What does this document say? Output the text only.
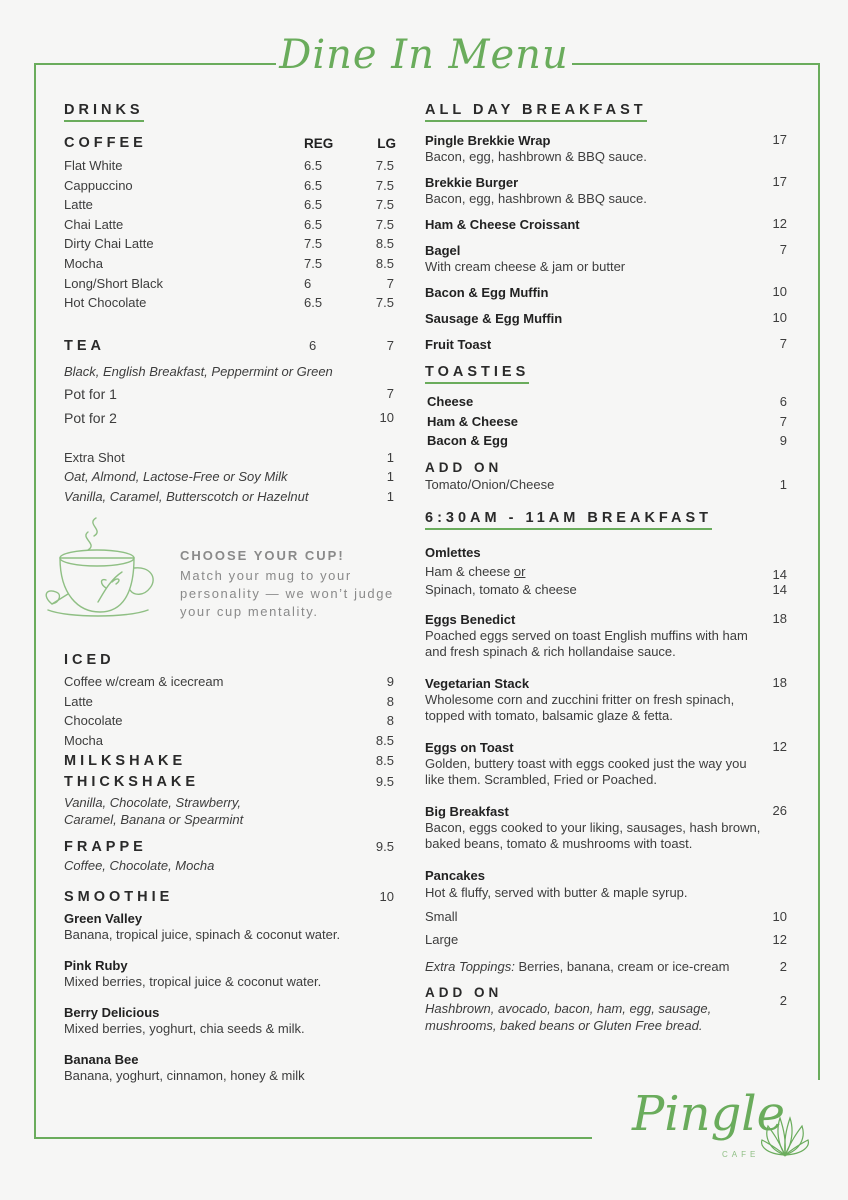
Dine In Menu
DRINKS
COFFEE	REG	LG
Flat White	6.5	7.5
Cappuccino	6.5	7.5
Latte	6.5	7.5
Chai Latte	6.5	7.5
Dirty Chai Latte	7.5	8.5
Mocha	7.5	8.5
Long/Short Black	6	7
Hot Chocolate	6.5	7.5
TEA	6	7
Black, English Breakfast, Peppermint or Green
Pot for 1	7
Pot for 2	10
Extra Shot	1
Oat, Almond, Lactose-Free or Soy Milk	1
Vanilla, Caramel, Butterscotch or Hazelnut	1
CHOOSE YOUR CUP!
Match your mug to your personality — we won’t judge your cup mentality.
ICED
Coffee w/cream & icecream	9
Latte	8
Chocolate	8
Mocha	8.5
MILKSHAKE	8.5
THICKSHAKE	9.5
Vanilla, Chocolate, Strawberry, Caramel, Banana or Spearmint
FRAPPE	9.5
Coffee, Chocolate, Mocha
SMOOTHIE	10
Green Valley
Banana, tropical juice, spinach & coconut water.
Pink Ruby
Mixed berries, tropical juice & coconut water.
Berry Delicious
Mixed berries, yoghurt, chia seeds & milk.
Banana Bee
Banana, yoghurt, cinnamon, honey & milk
ALL DAY BREAKFAST
Pingle Brekkie Wrap
Bacon, egg, hashbrown & BBQ sauce.
17
Brekkie Burger
Bacon, egg, hashbrown & BBQ sauce.
17
Ham & Cheese Croissant	12
Bagel
With cream cheese & jam or butter
7
Bacon & Egg Muffin	10
Sausage & Egg Muffin	10
Fruit Toast	7
TOASTIES
Cheese	6
Ham & Cheese	7
Bacon & Egg	9
ADD ON
Tomato/Onion/Cheese	1
6:30AM - 11AM BREAKFAST
Omlettes
Ham & cheese or	14
Spinach, tomato & cheese	14
Eggs Benedict
Poached eggs served on toast English muffins with ham and fresh spinach & rich hollandaise sauce.
18
Vegetarian Stack
Wholesome corn and zucchini fritter on fresh spinach, topped with tomato, balsamic glaze & fetta.
18
Eggs on Toast
Golden, buttery toast with eggs cooked just the way you like them. Scrambled, Fried or Poached.
12
Big Breakfast
Bacon, eggs cooked to your liking, sausages, hash brown, baked beans, tomato & mushrooms with toast.
26
Pancakes
Hot & fluffy, served with butter & maple syrup.
Small	10
Large	12
Extra Toppings: Berries, banana, cream or ice-cream	2
ADD ON
Hashbrown, avocado, bacon, ham, egg, sausage, mushrooms, baked beans or Gluten Free bread.
2
Pingle
CAFE
